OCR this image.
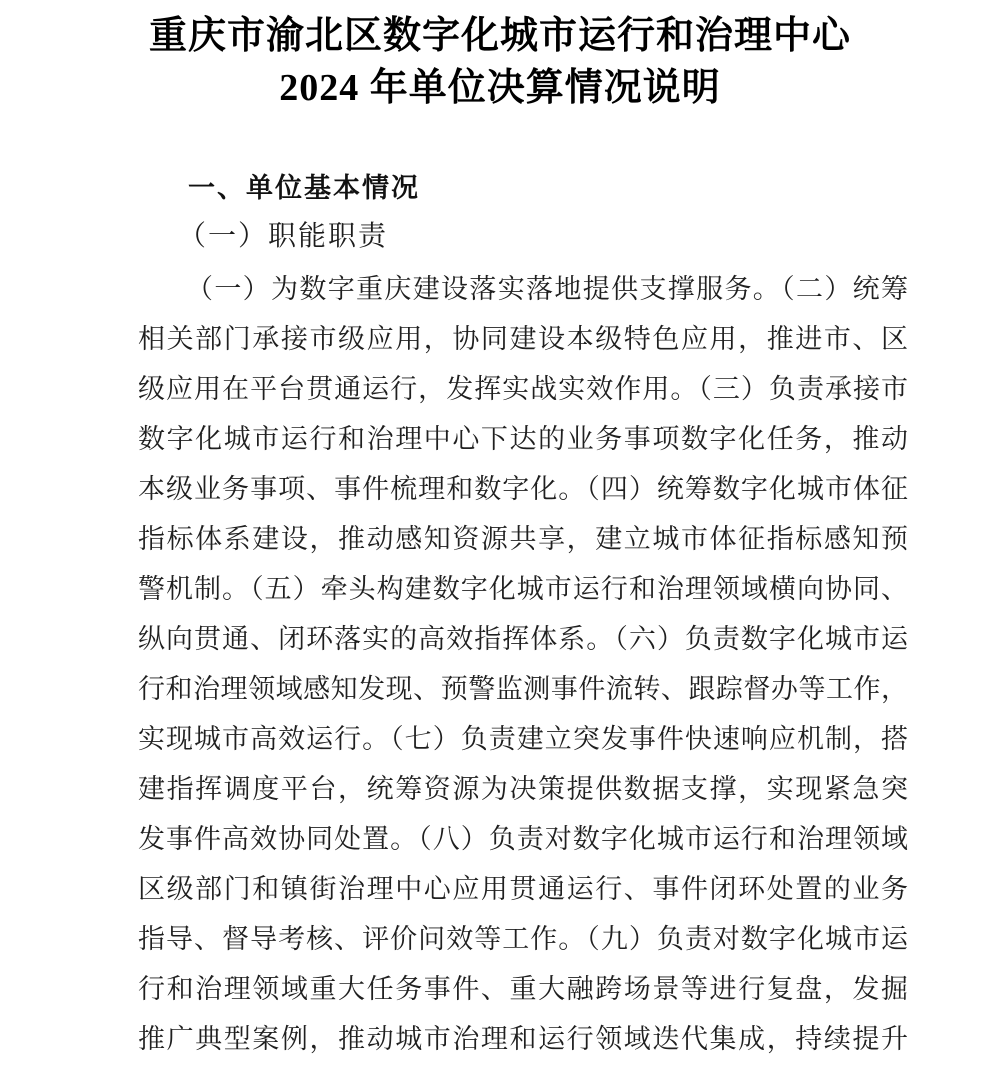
重庆市渝北区数字化城市运行和治理中心
2024 年单位决算情况说明
一、单位基本情况
（一）职能职责
（一）为数字重庆建设落实落地提供支撑服务。（二）统筹
相关部门承接市级应用，协同建设本级特色应用，推进市、区
级应用在平台贯通运行，发挥实战实效作用。（三）负责承接市
数字化城市运行和治理中心下达的业务事项数字化任务，推动
本级业务事项、事件梳理和数字化。（四）统筹数字化城市体征
指标体系建设，推动感知资源共享，建立城市体征指标感知预
警机制。（五）牵头构建数字化城市运行和治理领域横向协同、
纵向贯通、闭环落实的高效指挥体系。（六）负责数字化城市运
行和治理领域感知发现、预警监测事件流转、跟踪督办等工作，
实现城市高效运行。（七）负责建立突发事件快速响应机制，搭
建指挥调度平台，统筹资源为决策提供数据支撑，实现紧急突
发事件高效协同处置。（八）负责对数字化城市运行和治理领域
区级部门和镇街治理中心应用贯通运行、事件闭环处置的业务
指导、督导考核、评价问效等工作。（九）负责对数字化城市运
行和治理领域重大任务事件、重大融跨场景等进行复盘，发掘
推广典型案例，推动城市治理和运行领域迭代集成，持续提升
